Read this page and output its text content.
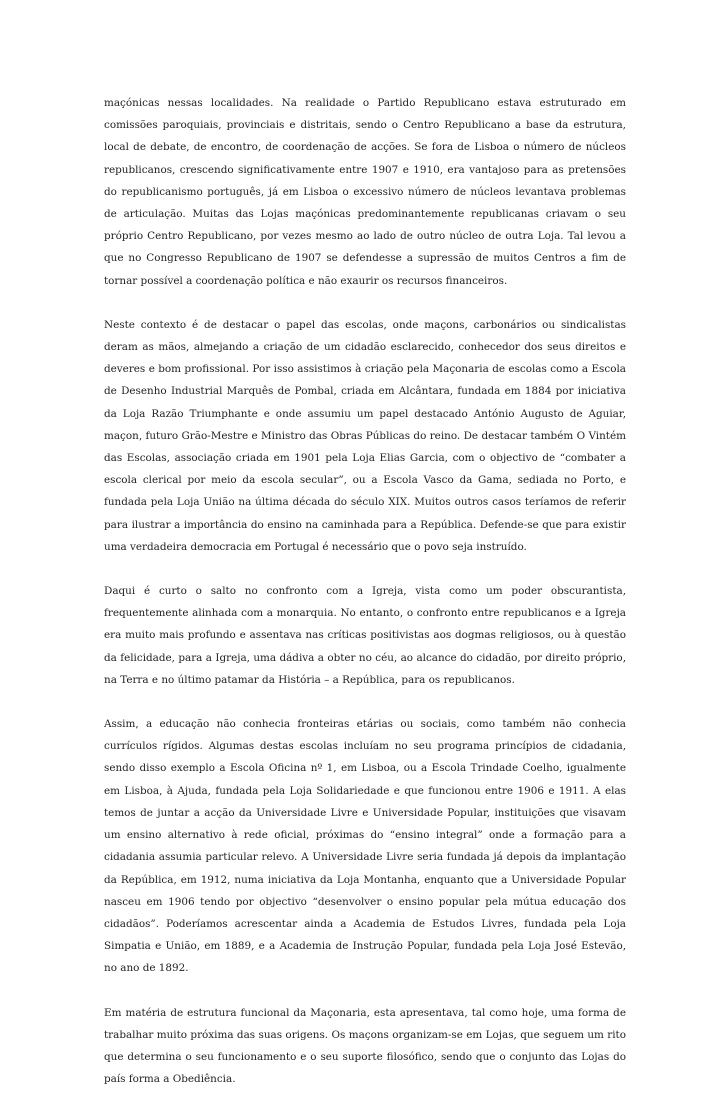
maçónicas nessas localidades. Na realidade o Partido Republicano estava estruturado em comissões paroquiais, provinciais e distritais, sendo o Centro Republicano a base da estrutura, local de debate, de encontro, de coordenação de acções. Se fora de Lisboa o número de núcleos republicanos, crescendo significativamente entre 1907 e 1910, era vantajoso para as pretensões do republicanismo português, já em Lisboa o excessivo número de núcleos levantava problemas de articulação. Muitas das Lojas maçónicas predominantemente republicanas criavam o seu próprio Centro Republicano, por vezes mesmo ao lado de outro núcleo de outra Loja. Tal levou a que no Congresso Republicano de 1907 se defendesse a supressão de muitos Centros a fim de tornar possível a coordenação política e não exaurir os recursos financeiros.

Neste contexto é de destacar o papel das escolas, onde maçons, carbonários ou sindicalistas deram as mãos, almejando a criação de um cidadão esclarecido, conhecedor dos seus direitos e deveres e bom profissional. Por isso assistimos à criação pela Maçonaria de escolas como a Escola de Desenho Industrial Marquês de Pombal, criada em Alcântara, fundada em 1884 por iniciativa da Loja Razão Triumphante e onde assumiu um papel destacado António Augusto de Aguiar, maçon, futuro Grão-Mestre e Ministro das Obras Públicas do reino. De destacar também O Vintém das Escolas, associação criada em 1901 pela Loja Elias Garcia, com o objectivo de “combater a escola clerical por meio da escola secular”, ou a Escola Vasco da Gama, sediada no Porto, e fundada pela Loja União na última década do século XIX. Muitos outros casos teríamos de referir para ilustrar a importância do ensino na caminhada para a República. Defende-se que para existir uma verdadeira democracia em Portugal é necessário que o povo seja instruído.

Daqui é curto o salto no confronto com a Igreja, vista como um poder obscurantista, frequentemente alinhada com a monarquia. No entanto, o confronto entre republicanos e a Igreja era muito mais profundo e assentava nas críticas positivistas aos dogmas religiosos, ou à questão da felicidade, para a Igreja, uma dádiva a obter no céu, ao alcance do cidadão, por direito próprio, na Terra e no último patamar da História – a República, para os republicanos.

Assim, a educação não conhecia fronteiras etárias ou sociais, como também não conhecia currículos rígidos. Algumas destas escolas incluíam no seu programa princípios de cidadania, sendo disso exemplo a Escola Oficina nº 1, em Lisboa, ou a Escola Trindade Coelho, igualmente em Lisboa, à Ajuda, fundada pela Loja Solidariedade e que funcionou entre 1906 e 1911. A elas temos de juntar a acção da Universidade Livre e Universidade Popular, instituições que visavam um ensino alternativo à rede oficial, próximas do “ensino integral” onde a formação para a cidadania assumia particular relevo. A Universidade Livre seria fundada já depois da implantação da República, em 1912, numa iniciativa da Loja Montanha, enquanto que a Universidade Popular nasceu em 1906 tendo por objectivo “desenvolver o ensino popular pela mútua educação dos cidadãos”. Poderíamos acrescentar ainda a Academia de Estudos Livres, fundada pela Loja Simpatia e União, em 1889, e a Academia de Instrução Popular, fundada pela Loja José Estevão, no ano de 1892.

Em matéria de estrutura funcional da Maçonaria, esta apresentava, tal como hoje, uma forma de trabalhar muito próxima das suas origens. Os maçons organizam-se em Lojas, que seguem um rito que determina o seu funcionamento e o seu suporte filosófico, sendo que o conjunto das Lojas do país forma a Obediência.
